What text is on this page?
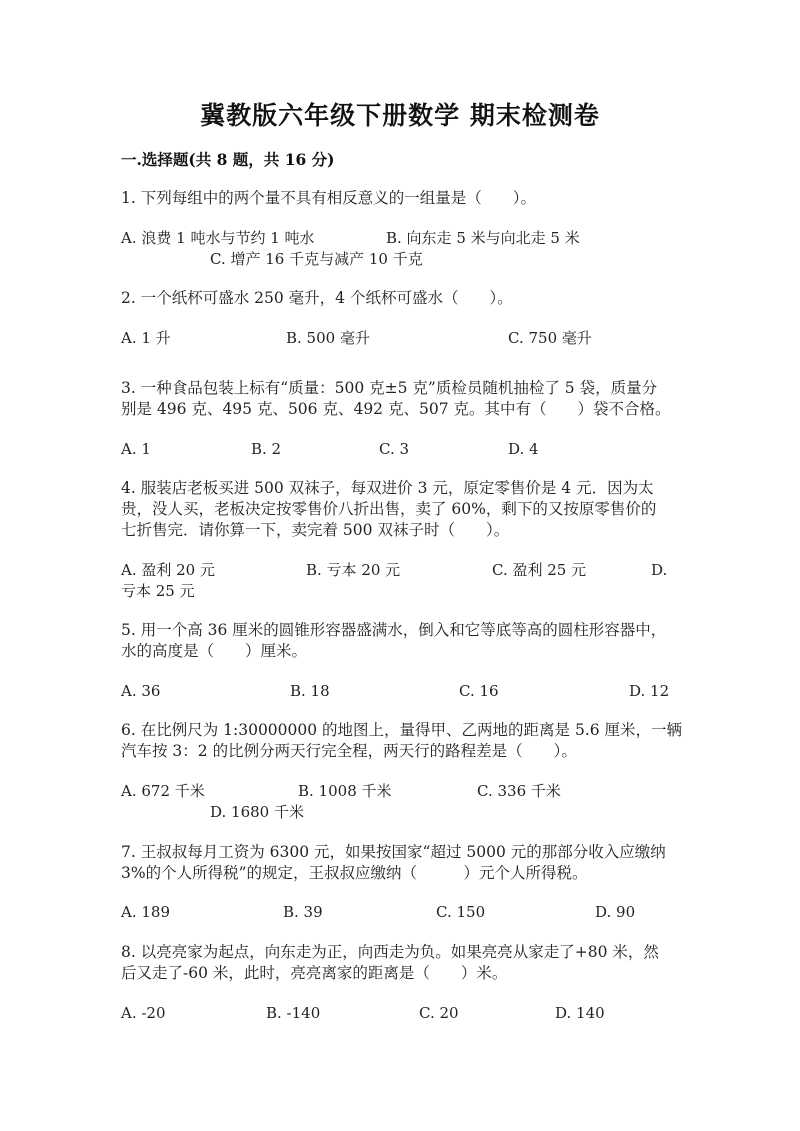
冀教版六年级下册数学 期末检测卷
一.选择题(共 8 题，共 16 分)
1. 下列每组中的两个量不具有相反意义的一组量是（　　）。
A. 浪费 1 吨水与节约 1 吨水	B. 向东走 5 米与向北走 5 米
C. 增产 16 千克与减产 10 千克
2. 一个纸杯可盛水 250 毫升，4 个纸杯可盛水（　　）。
A. 1 升	B. 500 毫升	C. 750 毫升
3. 一种食品包装上标有“质量：500 克±5 克”质检员随机抽检了 5 袋，质量分
别是 496 克、495 克、506 克、492 克、507 克。其中有（　　）袋不合格。
A. 1	B. 2	C. 3	D. 4
4. 服装店老板买进 500 双袜子，每双进价 3 元，原定零售价是 4 元．因为太
贵，没人买，老板决定按零售价八折出售，卖了 60%，剩下的又按原零售价的
七折售完．请你算一下，卖完着 500 双袜子时（　　）。
A. 盈利 20 元	B. 亏本 20 元	C. 盈利 25 元	D.
亏本 25 元
5. 用一个高 36 厘米的圆锥形容器盛满水，倒入和它等底等高的圆柱形容器中，
水的高度是（　　）厘米。
A. 36	B. 18	C. 16	D. 12
6. 在比例尺为 1:30000000 的地图上，量得甲、乙两地的距离是 5.6 厘米，一辆
汽车按 3：2 的比例分两天行完全程，两天行的路程差是（　　）。
A. 672 千米	B. 1008 千米	C. 336 千米
D. 1680 千米
7. 王叔叔每月工资为 6300 元，如果按国家“超过 5000 元的那部分收入应缴纳
3%的个人所得税”的规定，王叔叔应缴纳（　　　）元个人所得税。
A. 189	B. 39	C. 150	D. 90
8. 以亮亮家为起点，向东走为正，向西走为负。如果亮亮从家走了+80 米，然
后又走了-60 米，此时，亮亮离家的距离是（　　）米。
A. -20	B. -140	C. 20	D. 140
